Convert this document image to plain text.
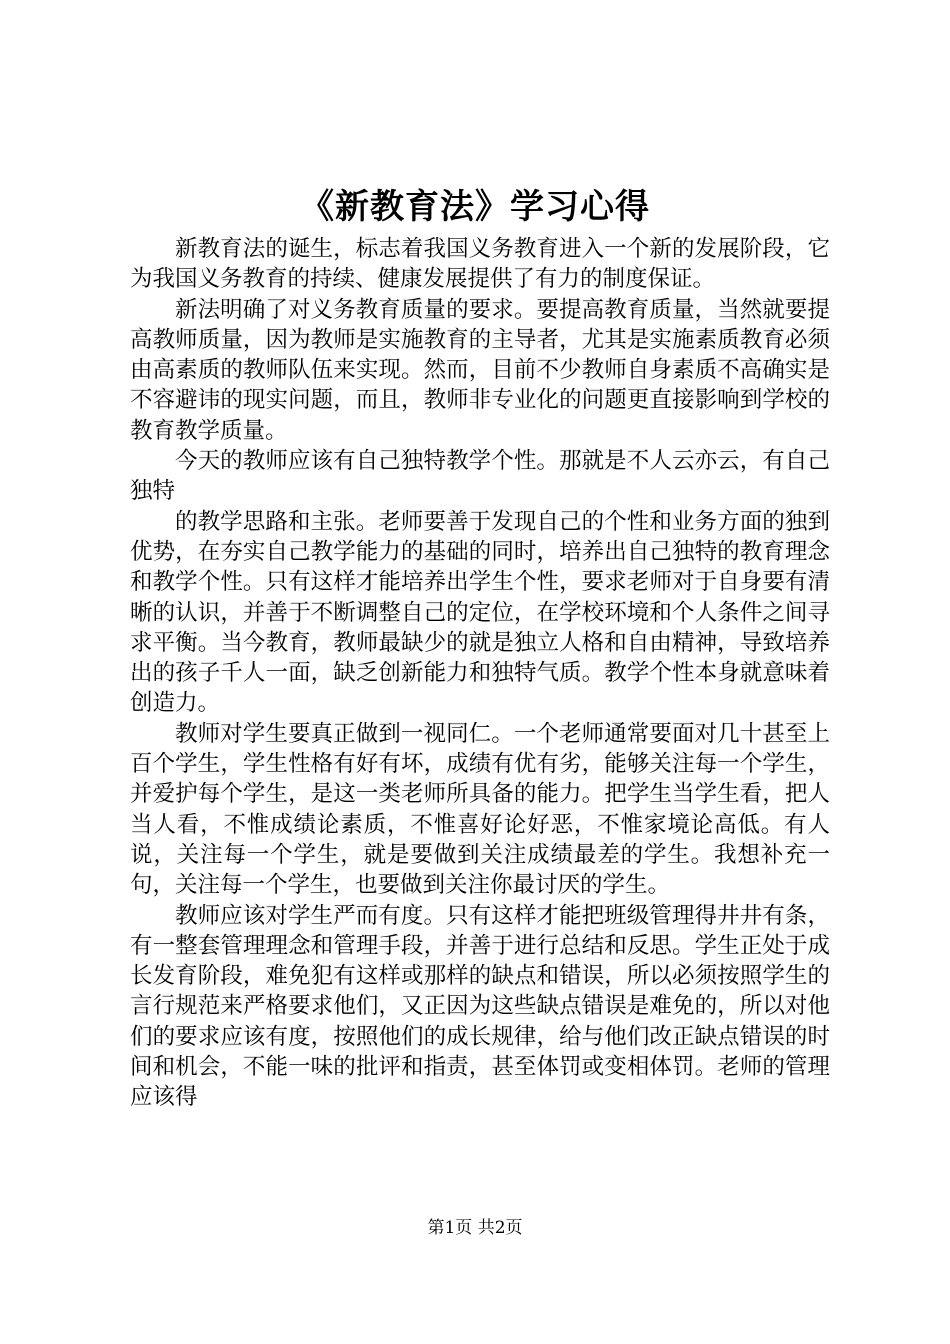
《新教育法》学习心得

新教育法的诞生，标志着我国义务教育进入一个新的发展阶段，它为我国义务教育的持续、健康发展提供了有力的制度保证。

新法明确了对义务教育质量的要求。要提高教育质量，当然就要提高教师质量，因为教师是实施教育的主导者，尤其是实施素质教育必须由高素质的教师队伍来实现。然而，目前不少教师自身素质不高确实是不容避讳的现实问题，而且，教师非专业化的问题更直接影响到学校的教育教学质量。

今天的教师应该有自己独特教学个性。那就是不人云亦云，有自己独特

的教学思路和主张。老师要善于发现自己的个性和业务方面的独到优势，在夯实自己教学能力的基础的同时，培养出自己独特的教育理念和教学个性。只有这样才能培养出学生个性，要求老师对于自身要有清晰的认识，并善于不断调整自己的定位，在学校环境和个人条件之间寻求平衡。当今教育，教师最缺少的就是独立人格和自由精神，导致培养出的孩子千人一面，缺乏创新能力和独特气质。教学个性本身就意味着创造力。

教师对学生要真正做到一视同仁。一个老师通常要面对几十甚至上百个学生，学生性格有好有坏，成绩有优有劣，能够关注每一个学生，并爱护每个学生，是这一类老师所具备的能力。把学生当学生看，把人当人看，不惟成绩论素质，不惟喜好论好恶，不惟家境论高低。有人说，关注每一个学生，就是要做到关注成绩最差的学生。我想补充一句，关注每一个学生，也要做到关注你最讨厌的学生。

教师应该对学生严而有度。只有这样才能把班级管理得井井有条，有一整套管理理念和管理手段，并善于进行总结和反思。学生正处于成长发育阶段，难免犯有这样或那样的缺点和错误，所以必须按照学生的言行规范来严格要求他们，又正因为这些缺点错误是难免的，所以对他们的要求应该有度，按照他们的成长规律，给与他们改正缺点错误的时间和机会，不能一味的批评和指责，甚至体罚或变相体罚。老师的管理应该得

第1页 共2页
